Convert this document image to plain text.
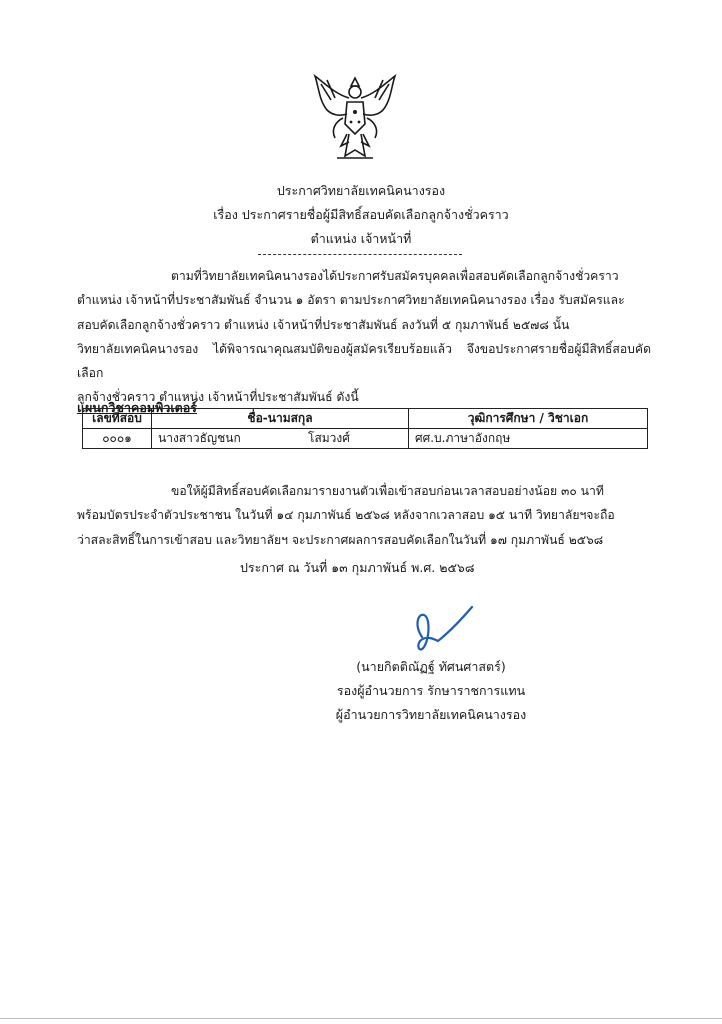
ประกาศวิทยาลัยเทคนิคนางรอง
เรื่อง ประกาศรายชื่อผู้มีสิทธิ์สอบคัดเลือกลูกจ้างชั่วคราว
ตำแหน่ง เจ้าหน้าที่
ตามที่วิทยาลัยเทคนิคนางรองได้ประกาศรับสมัครบุคคลเพื่อสอบคัดเลือกลูกจ้างชั่วคราว
ตำแหน่ง เจ้าหน้าที่ประชาสัมพันธ์ จำนวน ๑ อัตรา ตามประกาศวิทยาลัยเทคนิคนางรอง เรื่อง รับสมัครและ
สอบคัดเลือกลูกจ้างชั่วคราว ตำแหน่ง เจ้าหน้าที่ประชาสัมพันธ์ ลงวันที่ ๕ กุมภาพันธ์ ๒๕๗๘ นั้น
วิทยาลัยเทคนิคนางรอง ได้พิจารณาคุณสมบัติของผู้สมัครเรียบร้อยแล้ว จึงขอประกาศรายชื่อผู้มีสิทธิ์สอบคัดเลือก
ลูกจ้างชั่วคราว ตำแหน่ง เจ้าหน้าที่ประชาสัมพันธ์ ดังนี้
แผนกวิชาคอมพิวเตอร์
เลขที่สอบ	ชื่อ-นามสกุล	วุฒิการศึกษา / วิชาเอก
๐๐๐๑	นางสาวธัญชนก โสมวงศ์	ศศ.บ.ภาษาอังกฤษ
ขอให้ผู้มีสิทธิ์สอบคัดเลือกมารายงานตัวเพื่อเข้าสอบก่อนเวลาสอบอย่างน้อย ๓๐ นาที
พร้อมบัตรประจำตัวประชาชน ในวันที่ ๑๔ กุมภาพันธ์ ๒๕๖๘ หลังจากเวลาสอบ ๑๕ นาที วิทยาลัยฯจะถือ
ว่าสละสิทธิ์ในการเข้าสอบ และวิทยาลัยฯ จะประกาศผลการสอบคัดเลือกในวันที่ ๑๗ กุมภาพันธ์ ๒๕๖๘
ประกาศ ณ วันที่ ๑๓ กุมภาพันธ์ พ.ศ. ๒๕๖๘
(นายกิตติณัฏฐ์ ทัศนศาสตร์)
รองผู้อำนวยการ รักษาราชการแทน
ผู้อำนวยการวิทยาลัยเทคนิคนางรอง
